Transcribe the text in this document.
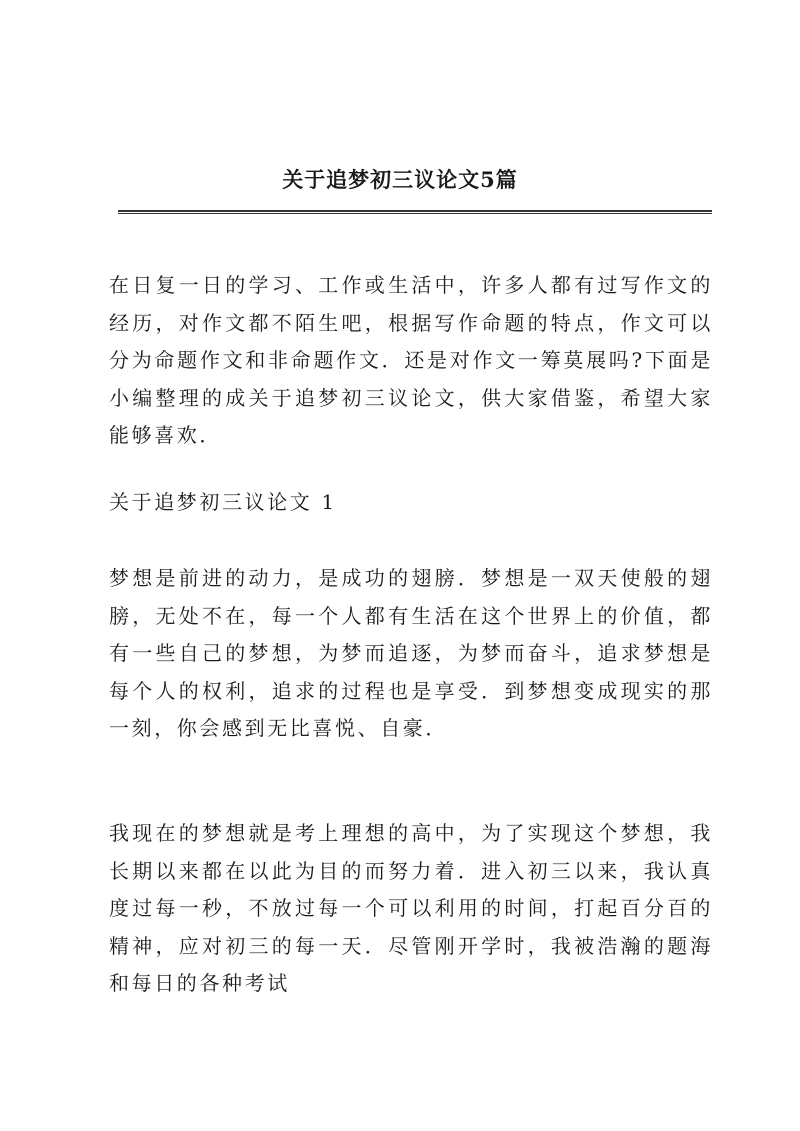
关于追梦初三议论文5篇

在日复一日的学习、工作或生活中，许多人都有过写作文的经历，对作文都不陌生吧，根据写作命题的特点，作文可以分为命题作文和非命题作文．还是对作文一筹莫展吗?下面是小编整理的成关于追梦初三议论文，供大家借鉴，希望大家能够喜欢．

关于追梦初三议论文 1

梦想是前进的动力，是成功的翅膀．梦想是一双天使般的翅膀，无处不在，每一个人都有生活在这个世界上的价值，都有一些自己的梦想，为梦而追逐，为梦而奋斗，追求梦想是每个人的权利，追求的过程也是享受．到梦想变成现实的那一刻，你会感到无比喜悦、自豪．

我现在的梦想就是考上理想的高中，为了实现这个梦想，我长期以来都在以此为目的而努力着．进入初三以来，我认真度过每一秒，不放过每一个可以利用的时间，打起百分百的精神，应对初三的每一天．尽管刚开学时，我被浩瀚的题海和每日的各种考试
